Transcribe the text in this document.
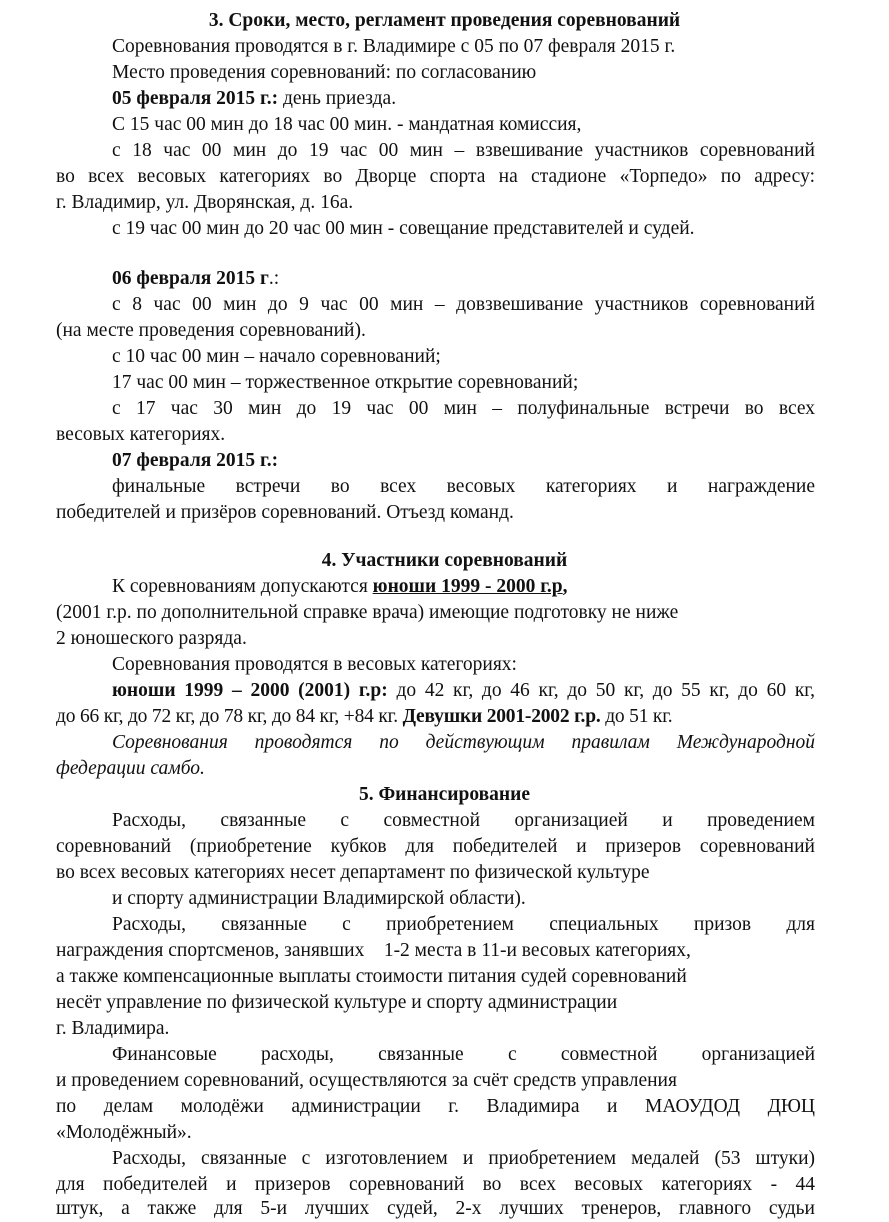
3. Сроки, место, регламент проведения соревнований
Соревнования проводятся в г. Владимире с 05 по 07 февраля 2015 г.
Место проведения соревнований: по согласованию
05 февраля 2015 г.: день приезда.
С 15 час 00 мин до 18 час 00 мин. - мандатная комиссия,
с 18 час 00 мин до 19 час 00 мин – взвешивание участников соревнований
во всех весовых категориях во Дворце спорта на стадионе «Торпедо» по адресу:
г. Владимир, ул. Дворянская, д. 16а.
с 19 час 00 мин до 20 час 00 мин - совещание представителей и судей.
06 февраля 2015 г.:
с 8 час 00 мин до 9 час 00 мин – довзвешивание участников соревнований
(на месте проведения соревнований).
с 10 час 00 мин – начало соревнований;
17 час 00 мин – торжественное открытие соревнований;
с 17 час 30 мин до 19 час 00 мин – полуфинальные встречи во всех
весовых категориях.
07 февраля 2015 г.:
финальные встречи во всех весовых категориях и награждение
победителей и призёров соревнований. Отъезд команд.
4. Участники соревнований
К соревнованиям допускаются юноши 1999 - 2000 г.р,
(2001 г.р. по дополнительной справке врача) имеющие подготовку не ниже
2 юношеского разряда.
Соревнования проводятся в весовых категориях:
юноши 1999 – 2000 (2001) г.р: до 42 кг, до 46 кг, до 50 кг, до 55 кг, до 60 кг,
до 66 кг, до 72 кг, до 78 кг, до 84 кг, +84 кг. Девушки 2001-2002 г.р. до 51 кг.
Соревнования проводятся по действующим правилам Международной
федерации самбо.
5. Финансирование
Расходы, связанные с совместной организацией и проведением
соревнований (приобретение кубков для победителей и призеров соревнований
во всех весовых категориях несет департамент по физической культуре
и спорту администрации Владимирской области).
Расходы, связанные с приобретением специальных призов для
награждения спортсменов, занявших    1-2 места в 11-и весовых категориях,
а также компенсационные выплаты стоимости питания судей соревнований
несёт управление по физической культуре и спорту администрации
г. Владимира.
Финансовые расходы, связанные с совместной организацией
и проведением соревнований, осуществляются за счёт средств управления
по делам молодёжи администрации г. Владимира и МАОУДОД ДЮЦ
«Молодёжный».
Расходы, связанные с изготовлением и приобретением медалей (53 штуки)
для победителей и призеров соревнований во всех весовых категориях - 44
штук, а также для 5-и лучших судей, 2-х лучших тренеров, главного судьи
